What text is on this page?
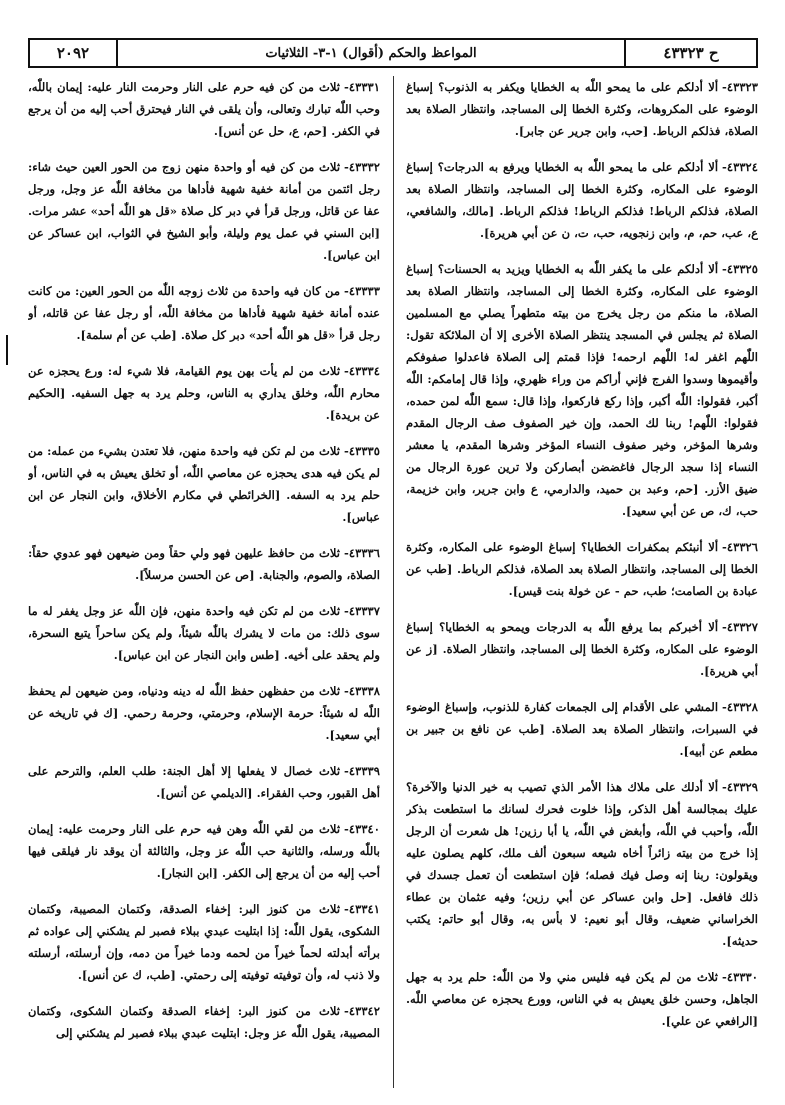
٢٠٩٢	المواعظ والحكم (أقوال) ١-٣- الثلاثيات	ح ٤٣٣٢٣

٤٣٣٢٣-ألا أدلكم على ما يمحو اللّٰه به الخطايا ويكفر به الذنوب؟ إسباغ الوضوء على المكروهات، وكثرة الخطا إلى المساجد، وانتظار الصلاة بعد الصلاة، فذلكم الرباط. [حب، وابن جرير عن جابر].

٤٣٣٢٤-ألا أدلكم على ما يمحو اللّٰه به الخطايا ويرفع به الدرجات؟ إسباغ الوضوء على المكاره، وكثرة الخطا إلى المساجد، وانتظار الصلاة بعد الصلاة، فذلكم الرباط! فذلكم الرباط! فذلكم الرباط. [مالك، والشافعي، ع، عب، حم، م، وابن زنجويه، حب، ت، ن عن أبي هريرة].

٤٣٣٢٥-ألا أدلكم على ما يكفر اللّٰه به الخطايا ويزيد به الحسنات؟ إسباغ الوضوء على المكاره، وكثرة الخطا إلى المساجد، وانتظار الصلاة بعد الصلاة، ما منكم من رجل يخرج من بيته متطهراً يصلي مع المسلمين الصلاة ثم يجلس في المسجد ينتظر الصلاة الأخرى إلا أن الملائكة تقول: اللّٰهم اغفر له! اللّٰهم ارحمه! فإذا قمتم إلى الصلاة فاعدلوا صفوفكم وأقيموها وسدوا الفرج فإني أراكم من وراء ظهري، وإذا قال إمامكم: اللّٰه أكبر، فقولوا: اللّٰه أكبر، وإذا ركع فاركعوا، وإذا قال: سمع اللّٰه لمن حمده، فقولوا: اللّٰهم! ربنا لك الحمد، وإن خير الصفوف صف الرجال المقدم وشرها المؤخر، وخير صفوف النساء المؤخر وشرها المقدم، يا معشر النساء إذا سجد الرجال فاغضضن أبصاركن ولا ترين عورة الرجال من ضيق الأزر. [حم، وعبد بن حميد، والدارمي، ع وابن جرير، وابن خزيمة، حب، ك، ص عن أبي سعيد].

٤٣٣٢٦-ألا أنبئكم بمكفرات الخطايا؟ إسباغ الوضوء على المكاره، وكثرة الخطا إلى المساجد، وانتظار الصلاة بعد الصلاة، فذلكم الرباط. [طب عن عبادة بن الصامت؛ طب، حم - عن خولة بنت قيس].

٤٣٣٢٧-ألا أخبركم بما يرفع اللّٰه به الدرجات ويمحو به الخطايا؟ إسباغ الوضوء على المكاره، وكثرة الخطا إلى المساجد، وانتظار الصلاة. [ز عن أبي هريرة].

٤٣٣٢٨-المشي على الأقدام إلى الجمعات كفارة للذنوب، وإسباغ الوضوء في السبرات، وانتظار الصلاة بعد الصلاة. [طب عن نافع بن جبير بن مطعم عن أبيه].

٤٣٣٢٩-ألا أدلك على ملاك هذا الأمر الذي تصيب به خير الدنيا والآخرة؟ عليك بمجالسة أهل الذكر، وإذا خلوت فحرك لسانك ما استطعت بذكر اللّٰه، وأحبب في اللّٰه، وأبغض في اللّٰه، يا أبا رزين! هل شعرت أن الرجل إذا خرج من بيته زائراً أخاه شيعه سبعون ألف ملك، كلهم يصلون عليه ويقولون: ربنا إنه وصل فيك فصله؛ فإن استطعت أن تعمل جسدك في ذلك فافعل. [حل وابن عساكر عن أبي رزين؛ وفيه عثمان بن عطاء الخراساني ضعيف، وقال أبو نعيم: لا بأس به، وقال أبو حاتم: يكتب حديثه].

٤٣٣٣٠-ثلاث من لم يكن فيه فليس مني ولا من اللّٰه: حلم يرد به جهل الجاهل، وحسن خلق يعيش به في الناس، وورع يحجزه عن معاصي اللّٰه. [الرافعي عن علي].

٤٣٣٣١-ثلاث من كن فيه حرم على النار وحرمت النار عليه: إيمان باللّٰه، وحب اللّٰه تبارك وتعالى، وأن يلقى في النار فيحترق أحب إليه من أن يرجع في الكفر. [حم، ع، حل عن أنس].

٤٣٣٣٢-ثلاث من كن فيه أو واحدة منهن زوج من الحور العين حيث شاء: رجل ائتمن من أمانة خفية شهية فأداها من مخافة اللّٰه عز وجل، ورجل عفا عن قاتل، ورجل قرأ في دبر كل صلاة «قل هو اللّٰه أحد» عشر مرات. [ابن السني في عمل يوم وليلة، وأبو الشيخ في الثواب، ابن عساكر عن ابن عباس].

٤٣٣٣٣-من كان فيه واحدة من ثلاث زوجه اللّٰه من الحور العين: من كانت عنده أمانة خفية شهية فأداها من مخافة اللّٰه، أو رجل عفا عن قاتله، أو رجل قرأ «قل هو اللّٰه أحد» دبر كل صلاة. [طب عن أم سلمة].

٤٣٣٣٤-ثلاث من لم يأت بهن يوم القيامة، فلا شيء له: ورع يحجزه عن محارم اللّٰه، وخلق يداري به الناس، وحلم يرد به جهل السفيه. [الحكيم عن بريدة].

٤٣٣٣٥-ثلاث من لم تكن فيه واحدة منهن، فلا تعتدن بشيء من عمله: من لم يكن فيه هدى يحجزه عن معاصي اللّٰه، أو تخلق يعيش به في الناس، أو حلم يرد به السفه. [الخرائطي في مكارم الأخلاق، وابن النجار عن ابن عباس].

٤٣٣٣٦-ثلاث من حافظ عليهن فهو ولي حقاً ومن ضيعهن فهو عدوي حقاً: الصلاة، والصوم، والجنابة. [ص عن الحسن مرسلاً].

٤٣٣٣٧-ثلاث من لم تكن فيه واحدة منهن، فإن اللّٰه عز وجل يغفر له ما سوى ذلك: من مات لا يشرك باللّٰه شيئاً، ولم يكن ساحراً يتبع السحرة، ولم يحقد على أخيه. [طس وابن النجار عن ابن عباس].

٤٣٣٣٨-ثلاث من حفظهن حفظ اللّٰه له دينه ودنياه، ومن ضيعهن لم يحفظ اللّٰه له شيئاً: حرمة الإسلام، وحرمتي، وحرمة رحمي. [ك في تاريخه عن أبي سعيد].

٤٣٣٣٩-ثلاث خصال لا يفعلها إلا أهل الجنة: طلب العلم، والترحم على أهل القبور، وحب الفقراء. [الديلمي عن أنس].

٤٣٣٤٠-ثلاث من لقي اللّٰه وهن فيه حرم على النار وحرمت عليه: إيمان باللّٰه ورسله، والثانية حب اللّٰه عز وجل، والثالثة أن يوقد نار فيلقى فيها أحب إليه من أن يرجع إلى الكفر. [ابن النجار].

٤٣٣٤١-ثلاث من كنوز البر: إخفاء الصدقة، وكتمان المصيبة، وكتمان الشكوى، يقول اللّٰه: إذا ابتليت عبدي ببلاء فصبر لم يشكني إلى عواده ثم برأته أبدلته لحماً خيراً من لحمه ودما خيراً من دمه، وإن أرسلته، أرسلته ولا ذنب له، وأن توفيته توفيته إلى رحمتي. [طب، ك عن أنس].

٤٣٣٤٢-ثلاث من كنوز البر: إخفاء الصدقة وكتمان الشكوى، وكتمان المصيبة، يقول اللّٰه عز وجل: ابتليت عبدي ببلاء فصبر لم يشكني إلى
